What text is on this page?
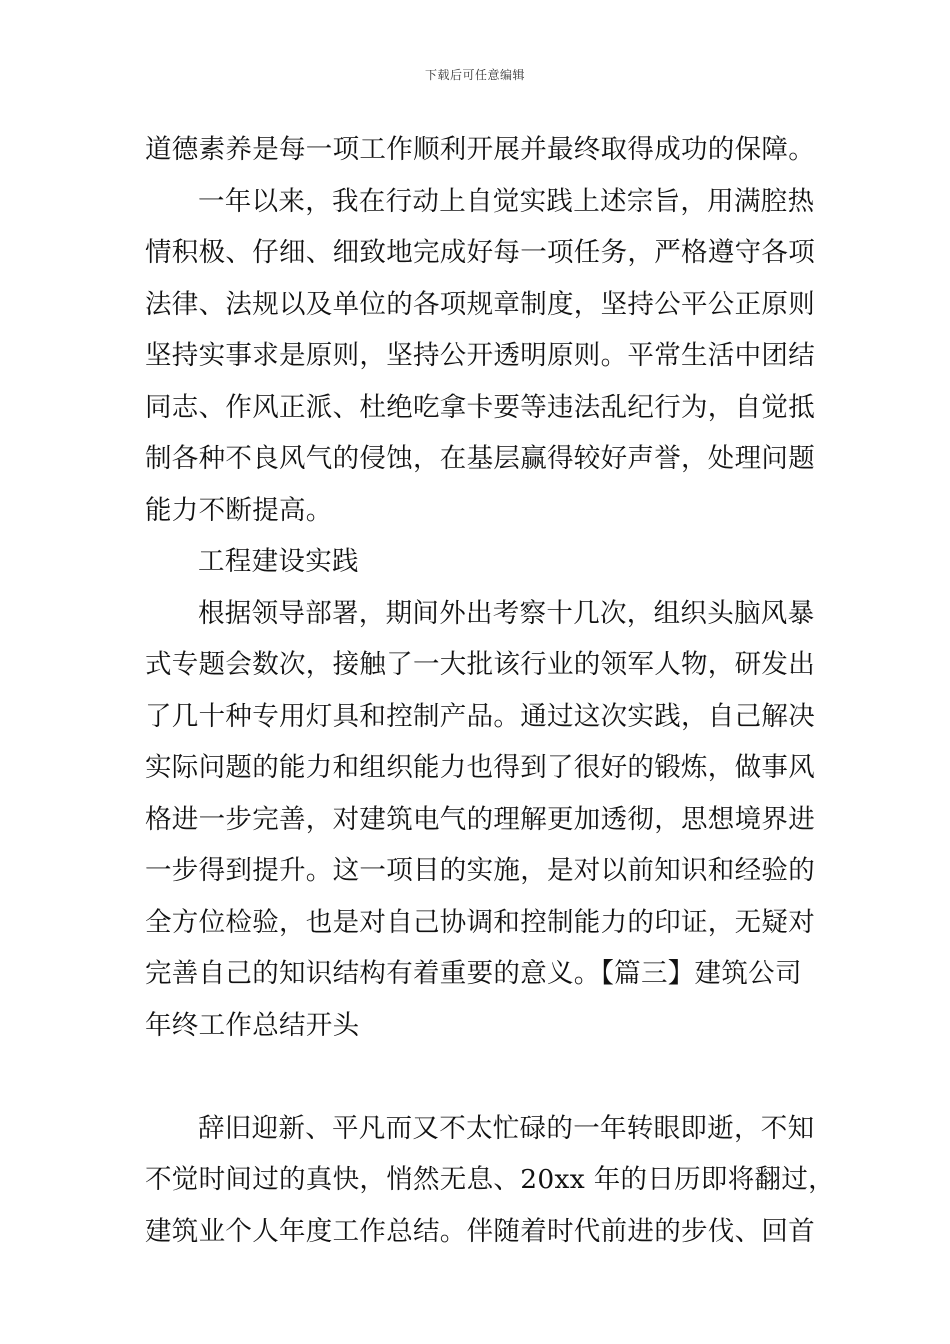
下载后可任意编辑
道德素养是每一项工作顺利开展并最终取得成功的保障。
一年以来，我在行动上自觉实践上述宗旨，用满腔热
情积极、仔细、细致地完成好每一项任务，严格遵守各项
法律、法规以及单位的各项规章制度，坚持公平公正原则
坚持实事求是原则，坚持公开透明原则。平常生活中团结
同志、作风正派、杜绝吃拿卡要等违法乱纪行为，自觉抵
制各种不良风气的侵蚀，在基层赢得较好声誉，处理问题
能力不断提高。
工程建设实践
根据领导部署，期间外出考察十几次，组织头脑风暴
式专题会数次，接触了一大批该行业的领军人物，研发出
了几十种专用灯具和控制产品。通过这次实践，自己解决
实际问题的能力和组织能力也得到了很好的锻炼，做事风
格进一步完善，对建筑电气的理解更加透彻，思想境界进
一步得到提升。这一项目的实施，是对以前知识和经验的
全方位检验，也是对自己协调和控制能力的印证，无疑对
完善自己的知识结构有着重要的意义。【篇三】建筑公司
年终工作总结开头
辞旧迎新、平凡而又不太忙碌的一年转眼即逝，不知
不觉时间过的真快，悄然无息、20xx 年的日历即将翻过，
建筑业个人年度工作总结。伴随着时代前进的步伐、回首
